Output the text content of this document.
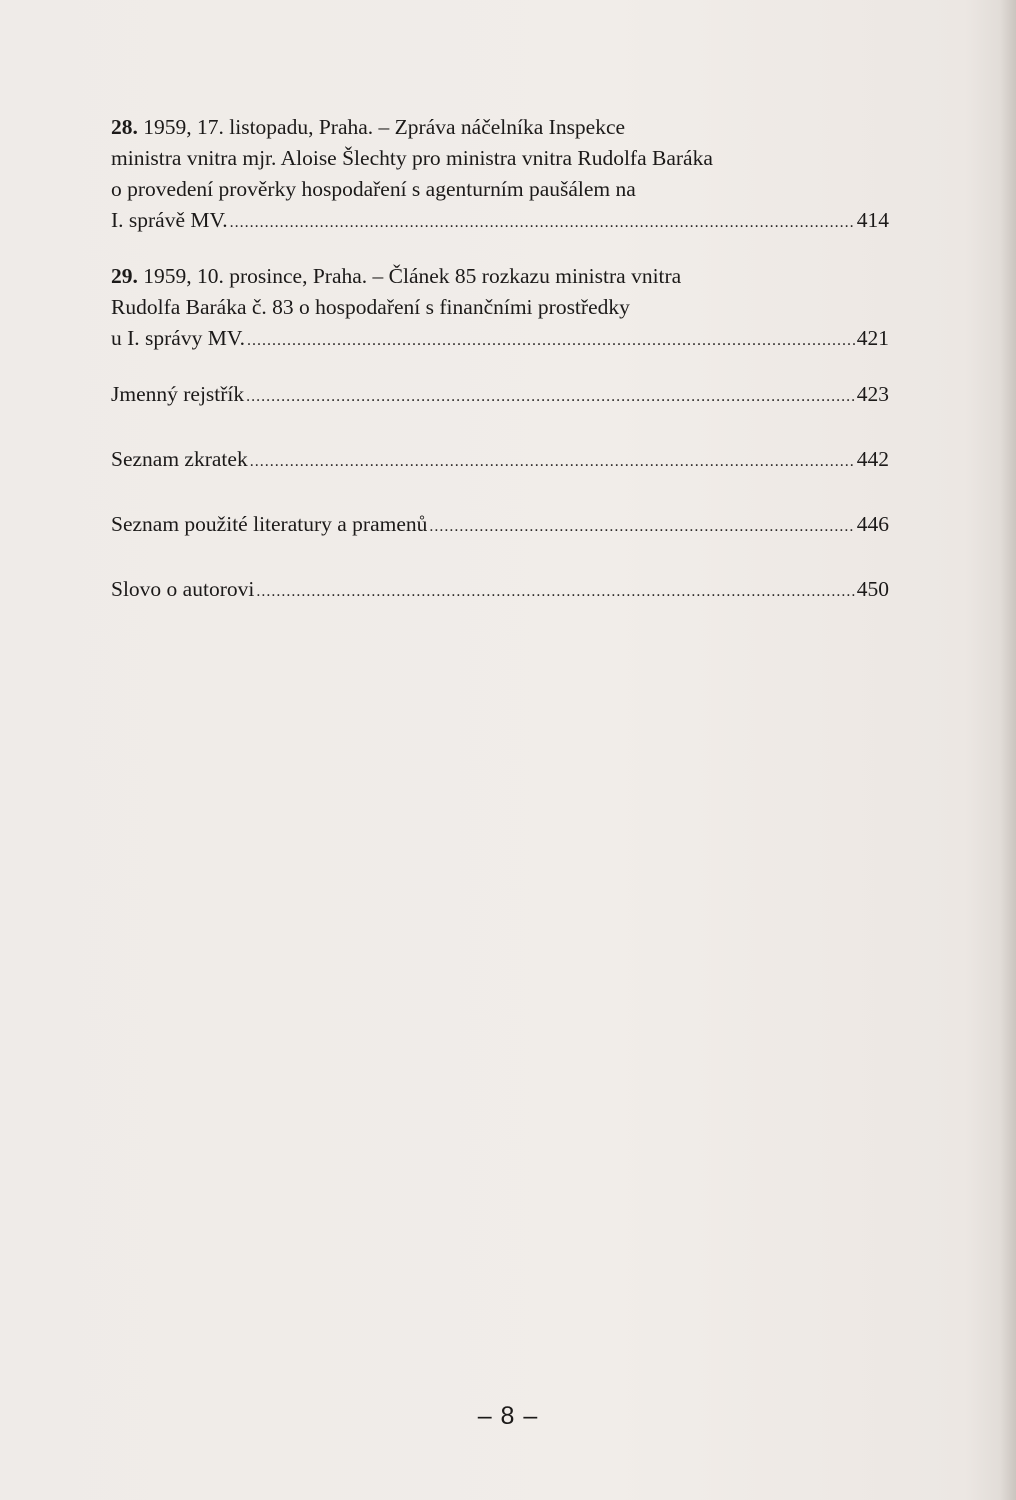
28. 1959, 17. listopadu, Praha. – Zpráva náčelníka Inspekce
ministra vnitra mjr. Aloise Šlechty pro ministra vnitra Rudolfa Baráka
o provedení prověrky hospodaření s agenturním paušálem na
I. správě MV. .....	414
29. 1959, 10. prosince, Praha. – Článek 85 rozkazu ministra vnitra
Rudolfa Baráka č. 83 o hospodaření s finančními prostředky
u I. správy MV. .....	421
Jmenný rejstřík .....	423
Seznam zkratek .....	442
Seznam použité literatury a pramenů .....	446
Slovo o autorovi .....	450
– 8 –
